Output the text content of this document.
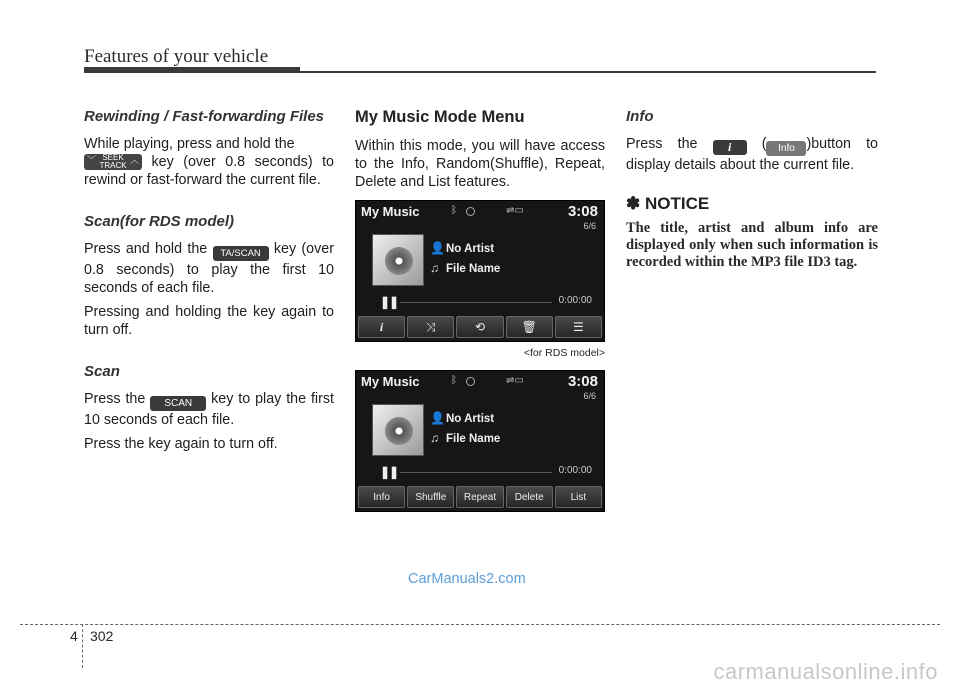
Features of your vehicle
Rewinding / Fast-forwarding Files

While playing, press and hold the

﹀ SEEK
TRACK
︿ key (over 0.8 seconds) to rewind or fast-forward the current file.

Scan(for RDS model)

Press and hold the TA/SCAN key (over 0.8 seconds) to play the first 10 seconds of each file.

Pressing and holding the key again to turn off.

Scan

Press the SCAN key to play the first 10 seconds of each file.

Press the key again to turn off.

My Music Mode Menu

Within this mode, you will have access to the Info, Random(Shuffle), Repeat, Delete and List features.

My Music	ᛒ	⇌▭	3:08
6/6
👤 No Artist
♫ File Name
❚❚	0:00:00
i	⤨	⟲	🗑	☰
<for RDS model>
My Music	ᛒ	⇌▭	3:08
6/6
👤 No Artist
♫ File Name
❚❚	0:00:00
Info	Shuffle	Repeat	Delete	List
Info

Press the i ( Info )button to display details about the current file.

✽ NOTICE
The title, artist and album info are displayed only when such information is recorded within the MP3 file ID3 tag.
CarManuals2.com
4 302
carmanualsonline.info
